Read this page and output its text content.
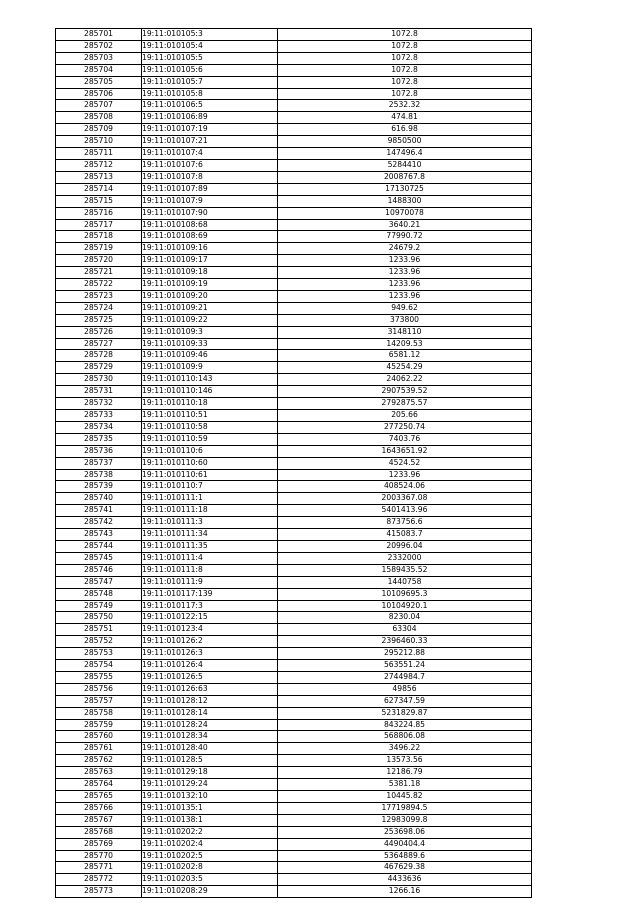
285701	19:11:010105:3	1072.8
285702	19:11:010105:4	1072.8
285703	19:11:010105:5	1072.8
285704	19:11:010105:6	1072.8
285705	19:11:010105:7	1072.8
285706	19:11:010105:8	1072.8
285707	19:11:010106:5	2532.32
285708	19:11:010106:89	474.81
285709	19:11:010107:19	616.98
285710	19:11:010107:21	9850500
285711	19:11:010107:4	147496.4
285712	19:11:010107:6	5284410
285713	19:11:010107:8	2008767.8
285714	19:11:010107:89	17130725
285715	19:11:010107:9	1488300
285716	19:11:010107:90	10970078
285717	19:11:010108:68	3640.21
285718	19:11:010108:69	77990.72
285719	19:11:010109:16	24679.2
285720	19:11:010109:17	1233.96
285721	19:11:010109:18	1233.96
285722	19:11:010109:19	1233.96
285723	19:11:010109:20	1233.96
285724	19:11:010109:21	949.62
285725	19:11:010109:22	373800
285726	19:11:010109:3	3148110
285727	19:11:010109:33	14209.53
285728	19:11:010109:46	6581.12
285729	19:11:010109:9	45254.29
285730	19:11:010110:143	24062.22
285731	19:11:010110:146	2907539.52
285732	19:11:010110:18	2792875.57
285733	19:11:010110:51	205.66
285734	19:11:010110:58	277250.74
285735	19:11:010110:59	7403.76
285736	19:11:010110:6	1643651.92
285737	19:11:010110:60	4524.52
285738	19:11:010110:61	1233.96
285739	19:11:010110:7	408524.06
285740	19:11:010111:1	2003367.08
285741	19:11:010111:18	5401413.96
285742	19:11:010111:3	873756.6
285743	19:11:010111:34	415083.7
285744	19:11:010111:35	20996.04
285745	19:11:010111:4	2332000
285746	19:11:010111:8	1589435.52
285747	19:11:010111:9	1440758
285748	19:11:010117:139	10109695.3
285749	19:11:010117:3	10104920.1
285750	19:11:010122:15	8230.04
285751	19:11:010123:4	63304
285752	19:11:010126:2	2396460.33
285753	19:11:010126:3	295212.88
285754	19:11:010126:4	563551.24
285755	19:11:010126:5	2744984.7
285756	19:11:010126:63	49856
285757	19:11:010128:12	627347.59
285758	19:11:010128:14	5231829.87
285759	19:11:010128:24	843224.85
285760	19:11:010128:34	568806.08
285761	19:11:010128:40	3496.22
285762	19:11:010128:5	13573.56
285763	19:11:010129:18	12186.79
285764	19:11:010129:24	5381.18
285765	19:11:010132:10	10445.82
285766	19:11:010135:1	17719894.5
285767	19:11:010138:1	12983099.8
285768	19:11:010202:2	253698.06
285769	19:11:010202:4	4490404.4
285770	19:11:010202:5	5364889.6
285771	19:11:010202:8	467629.38
285772	19:11:010203:5	4433636
285773	19:11:010208:29	1266.16
